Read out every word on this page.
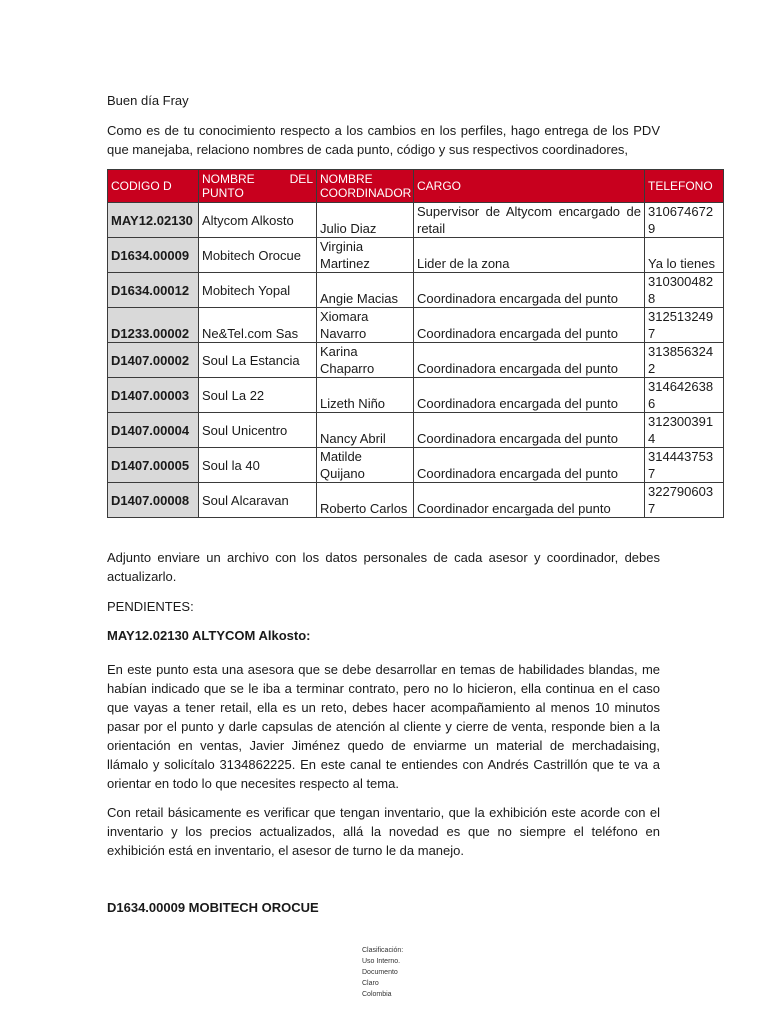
Buen día Fray
Como es de tu conocimiento respecto a los cambios en los perfiles, hago entrega de los PDV que manejaba, relaciono nombres de cada punto, código y sus respectivos coordinadores,
Adjunto enviare un archivo con los datos personales de cada asesor y coordinador, debes actualizarlo.
PENDIENTES:
MAY12.02130 ALTYCOM Alkosto:
En este punto esta una asesora que se debe desarrollar en temas de habilidades blandas, me habían indicado que se le iba a terminar contrato, pero no lo hicieron, ella continua en el caso que vayas a tener retail, ella es un reto, debes hacer acompañamiento al menos 10 minutos pasar por el punto y darle capsulas de atención al cliente y cierre de venta, responde bien a la orientación en ventas, Javier Jiménez quedo de enviarme un material de merchadaising, llámalo y solicítalo 3134862225. En este canal te entiendes con Andrés Castrillón que te va a orientar en todo lo que necesites respecto al tema.
Con retail básicamente es verificar que tengan inventario, que la exhibición este acorde con el inventario y los precios actualizados, allá la novedad es que no siempre el teléfono en exhibición está en inventario, el asesor de turno le da manejo.
D1634.00009 MOBITECH OROCUE
CODIGO D	NOMBRE DEL PUNTO	NOMBRE COORDINADOR	CARGO	TELEFONO
MAY12.02130	Altycom Alkosto	Julio Diaz	Supervisor de Altycom encargado de retail	3106746729
D1634.00009	Mobitech Orocue	Virginia Martinez	Lider de la zona	Ya lo tienes
D1634.00012	Mobitech Yopal	Angie Macias	Coordinadora encargada del punto	3103004828
D1233.00002	Ne&Tel.com Sas	Xiomara Navarro	Coordinadora encargada del punto	3125132497
D1407.00002	Soul La Estancia	Karina Chaparro	Coordinadora encargada del punto	3138563242
D1407.00003	Soul La 22	Lizeth Niño	Coordinadora encargada del punto	3146426386
D1407.00004	Soul Unicentro	Nancy Abril	Coordinadora encargada del punto	3123003914
D1407.00005	Soul la 40	Matilde Quijano	Coordinadora encargada del punto	3144437537
D1407.00008	Soul Alcaravan	Roberto Carlos	Coordinador encargada del punto	3227906037
Clasificación:
Uso Interno.
Documento
Claro
Colombia
